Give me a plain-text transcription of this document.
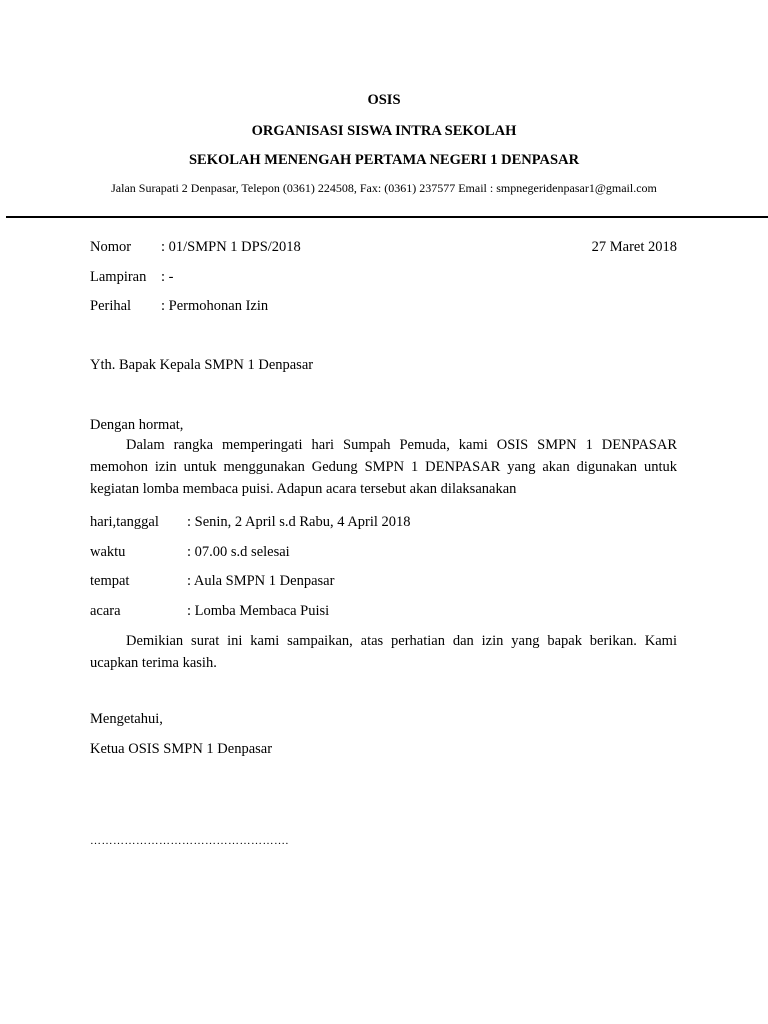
OSIS
ORGANISASI SISWA INTRA SEKOLAH
SEKOLAH MENENGAH PERTAMA NEGERI 1 DENPASAR
Jalan Surapati 2 Denpasar, Telepon (0361) 224508, Fax: (0361) 237577 Email : smpnegeridenpasar1@gmail.com
Nomor : 01/SMPN 1 DPS/2018	27 Maret 2018
Lampiran : -
Perihal : Permohonan Izin
Yth. Bapak Kepala SMPN 1 Denpasar
Dengan hormat,
Dalam rangka memperingati hari Sumpah Pemuda, kami OSIS SMPN 1 DENPASAR
memohon izin untuk menggunakan Gedung SMPN 1 DENPASAR yang akan digunakan untuk
kegiatan lomba membaca puisi. Adapun acara tersebut akan dilaksanakan
hari,tanggal : Senin, 2 April s.d Rabu, 4 April 2018
waktu	: 07.00 s.d selesai
tempat	: Aula SMPN 1 Denpasar
acara	: Lomba Membaca Puisi
Demikian surat ini kami sampaikan, atas perhatian dan izin yang bapak berikan. Kami
ucapkan terima kasih.
Mengetahui,
Ketua OSIS SMPN 1 Denpasar
…………………………………………….
